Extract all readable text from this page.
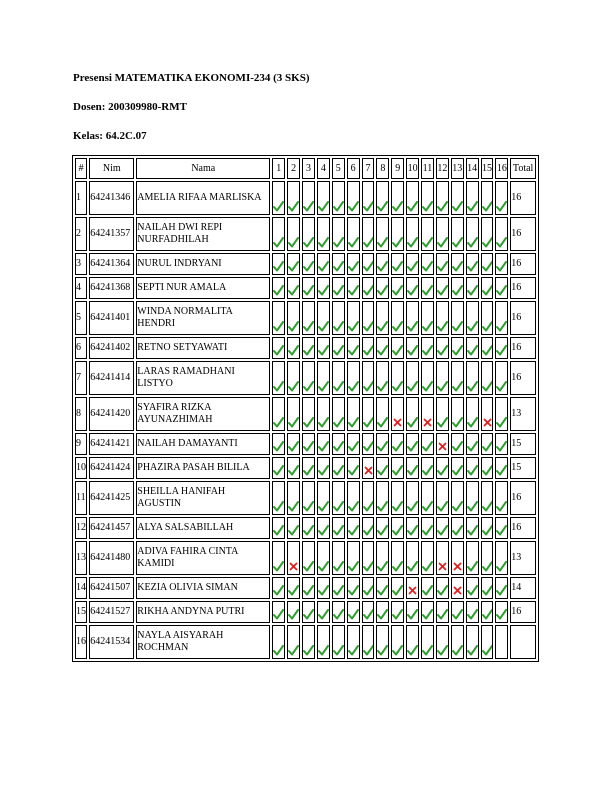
Presensi MATEMATIKA EKONOMI-234 (3 SKS)
Dosen: 200309980-RMT
Kelas: 64.2C.07
#	Nim	Nama	1	2	3	4	5	6	7	8	9	10	11	12	13	14	15	16	Total
1	64241346	AMELIA RIFAA MARLISKA																	16
2	64241357	NAILAH DWI REPI NURFADHILAH																	16
3	64241364	NURUL INDRYANI																	16
4	64241368	SEPTI NUR AMALA																	16
5	64241401	WINDA NORMALITA HENDRI																	16
6	64241402	RETNO SETYAWATI																	16
7	64241414	LARAS RAMADHANI LISTYO																	16
8	64241420	SYAFIRA RIZKA AYUNAZHIMAH																	13
9	64241421	NAILAH DAMAYANTI																	15
10	64241424	PHAZIRA PASAH BILILA																	15
11	64241425	SHEILLA HANIFAH AGUSTIN																	16
12	64241457	ALYA SALSABILLAH																	16
13	64241480	ADIVA FAHIRA CINTA KAMIDI																	13
14	64241507	KEZIA OLIVIA SIMAN																	14
15	64241527	RIKHA ANDYNA PUTRI																	16
16	64241534	NAYLA AISYARAH ROCHMAN	
